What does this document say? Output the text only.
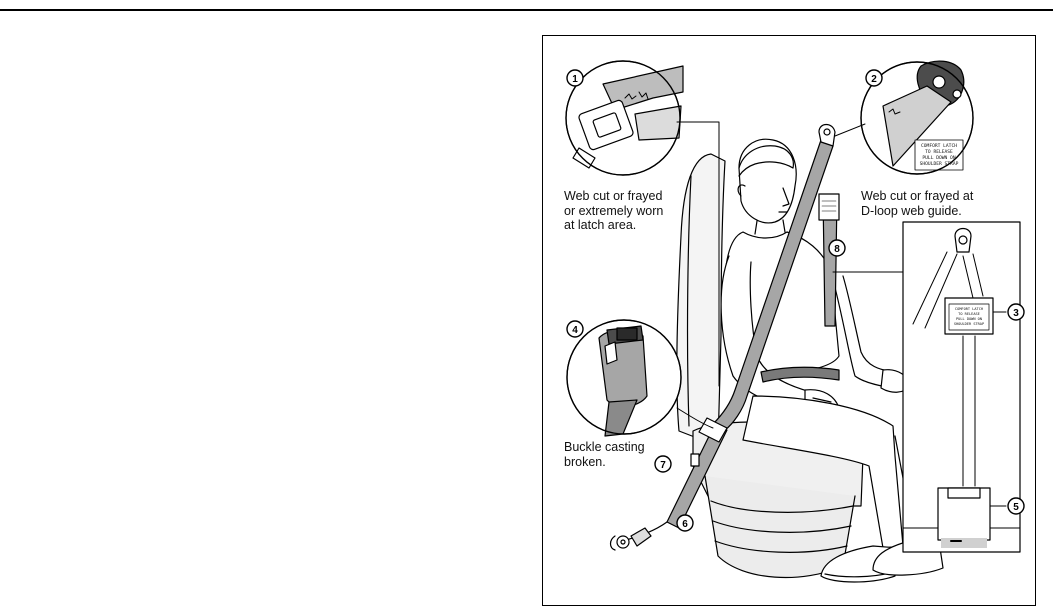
COMFORT LATCH
TO RELEASE
PULL DOWN ON
SHOULDER STRAP
COMFORT LATCH
TO RELEASE
PULL DOWN ON
SHOULDER STRAP
1	2
3
4
5
6
7
8
Web cut or frayed
or extremely worn
at latch area.
Web cut or frayed at
D-loop web guide.
Buckle casting
broken.
